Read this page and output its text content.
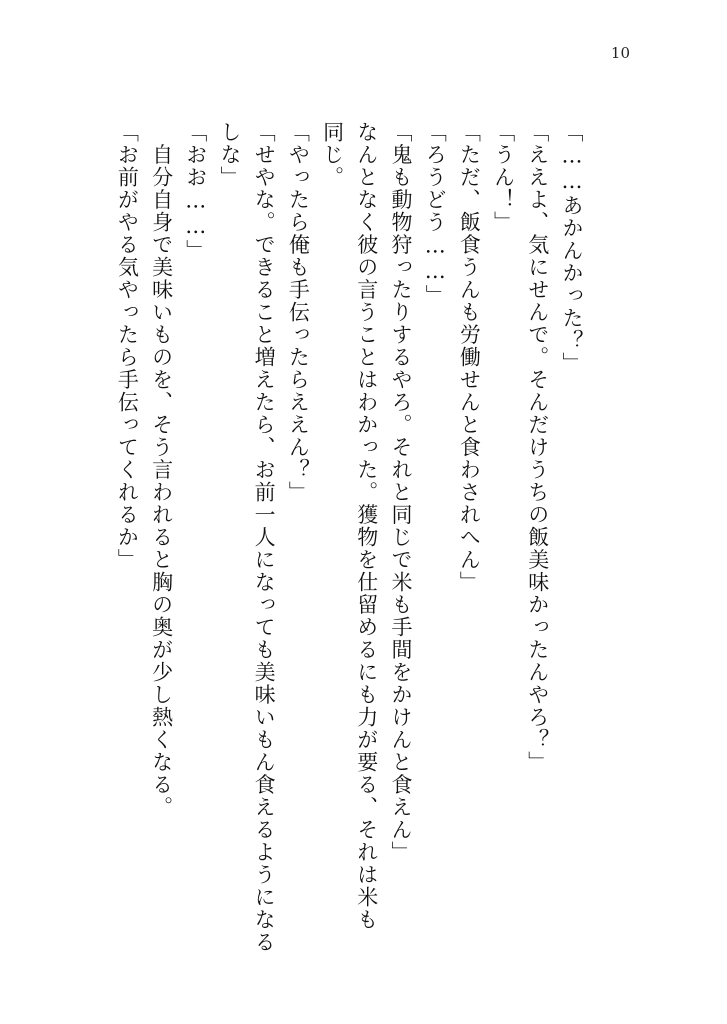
10

「……あかんかった？」

「ええよ、気にせんで。そんだけうちの飯美味かったんやろ？」

「うん！」

「ただ、飯食うんも労働せんと食わされへん」

「ろうどう……」

「鬼も動物狩ったりするやろ。それと同じで米も手間をかけんと食えん」

なんとなく彼の言うことはわかった。獲物を仕留めるにも力が要る、それは米も

同じ。

「やったら俺も手伝ったらええん？」

「せやな。できること増えたら、お前一人になっても美味いもん食えるようになる

しな」

「おお……」

　自分自身で美味いものを、そう言われると胸の奥が少し熱くなる。

「お前がやる気やったら手伝ってくれるか」
